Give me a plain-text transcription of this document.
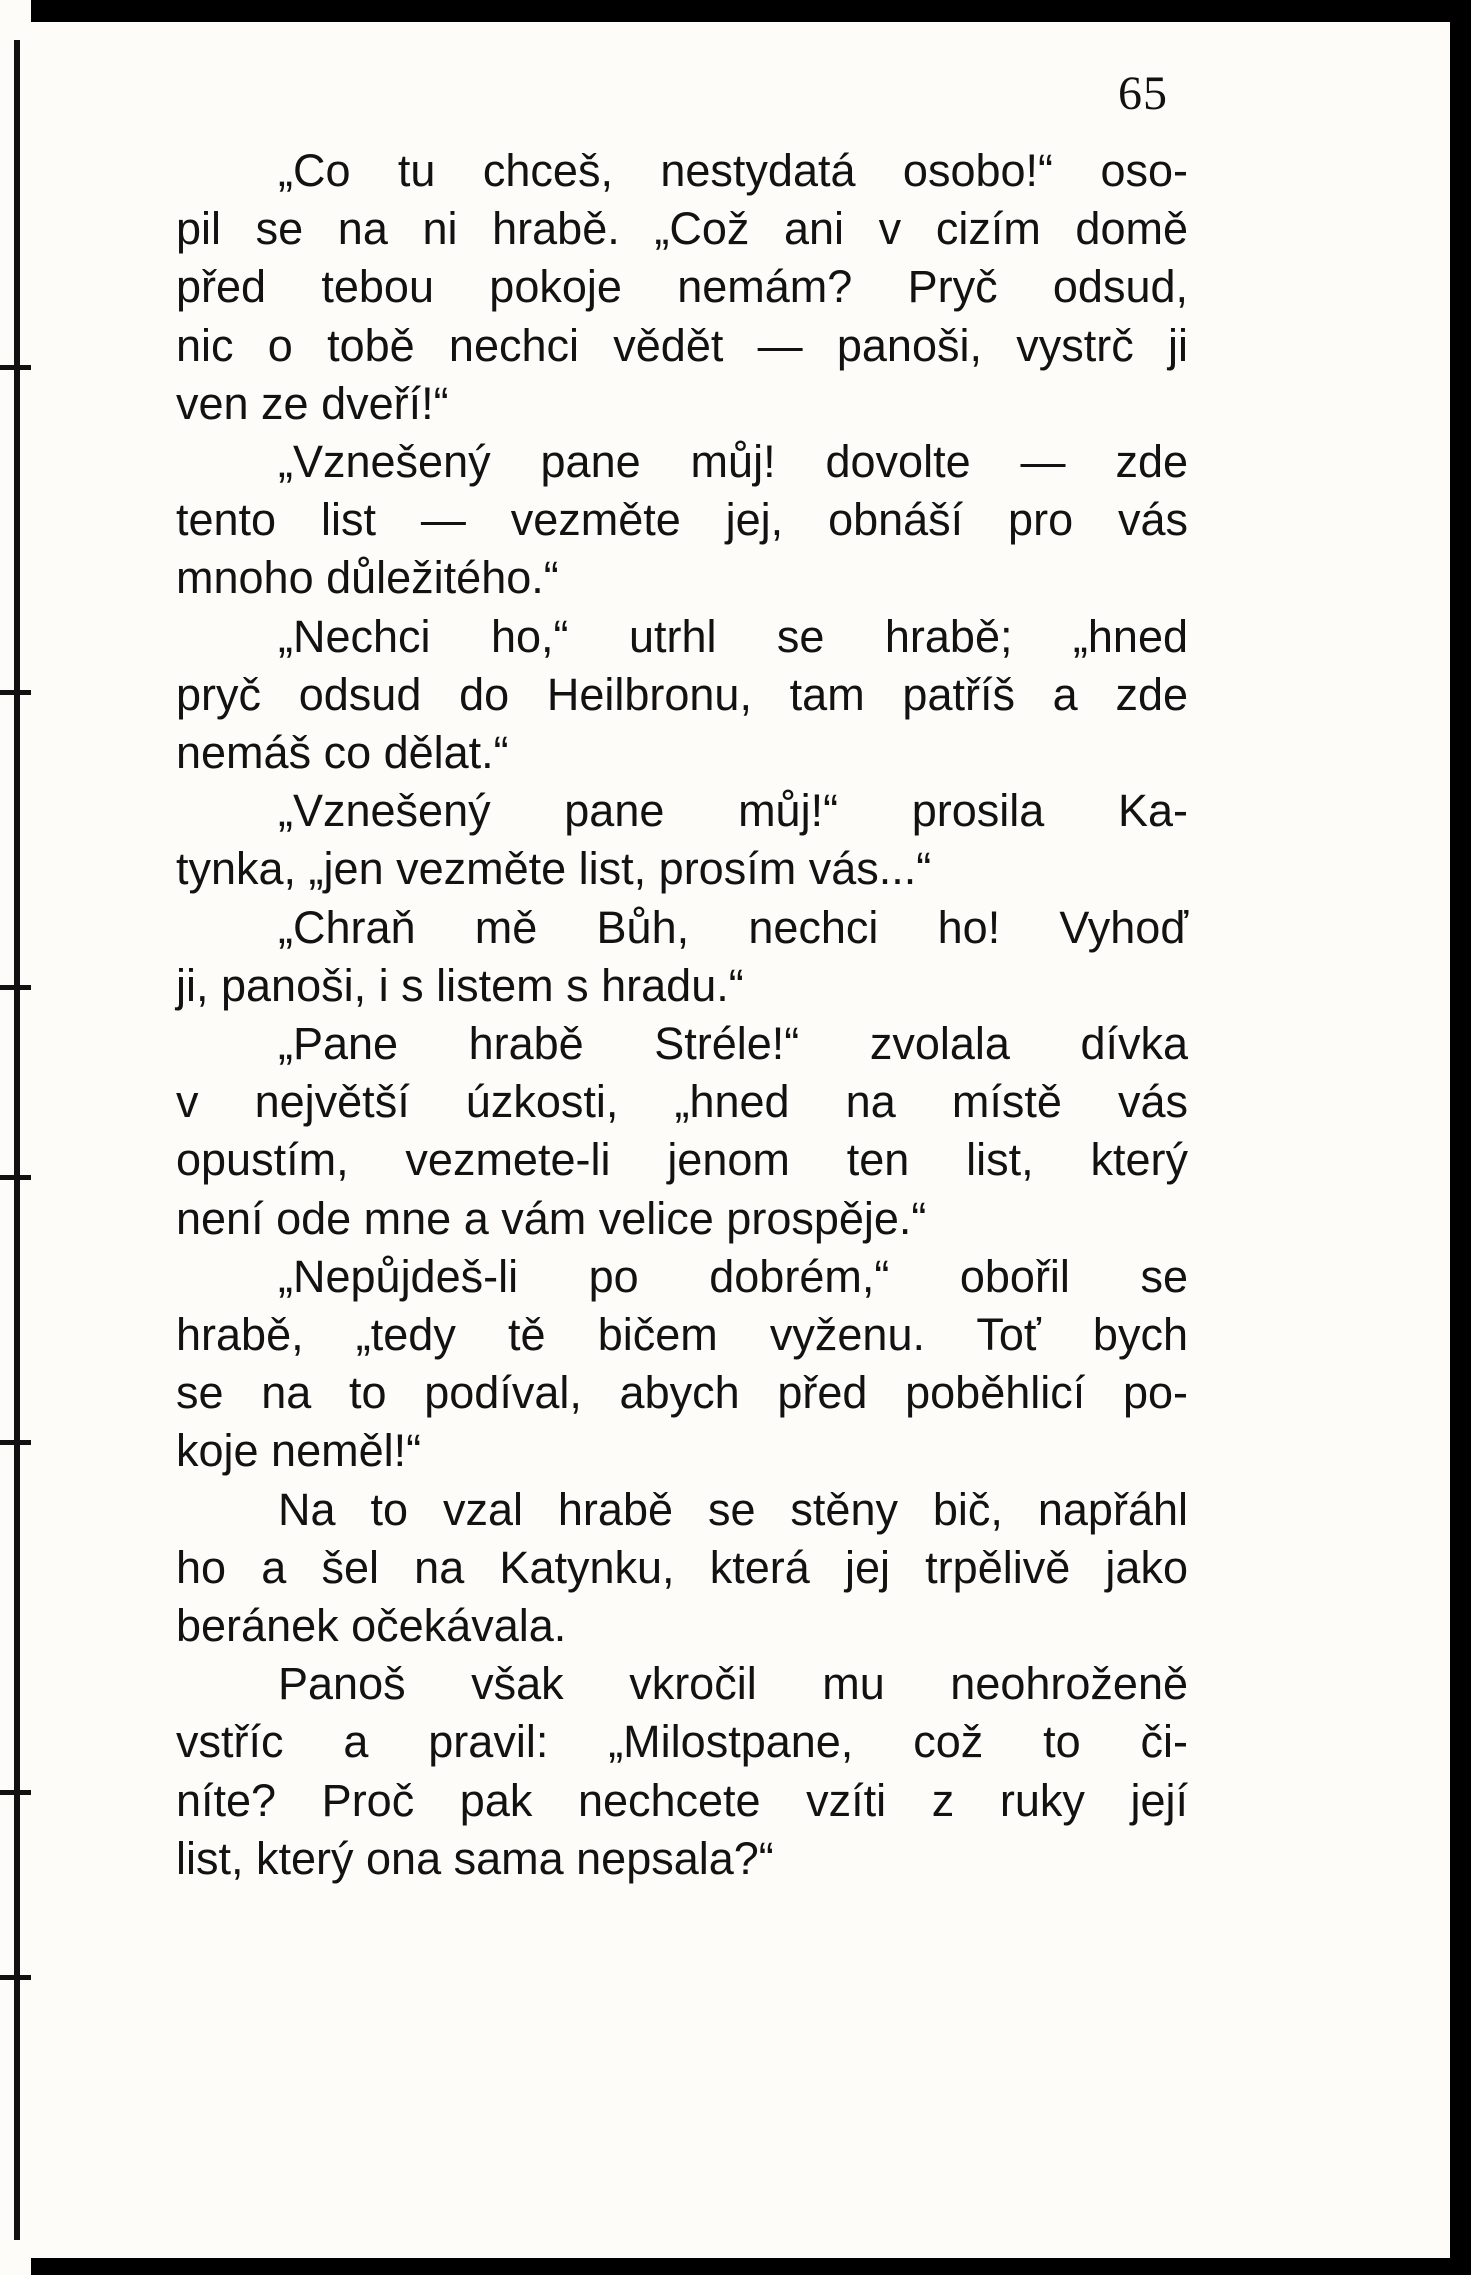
65
„Co tu chceš, nestydatá osobo!“ oso-
pil se na ni hrabě. „Což ani v cizím domě
před tebou pokoje nemám? Pryč odsud,
nic o tobě nechci vědět — panoši, vystrč ji
ven ze dveří!“
„Vznešený pane můj! dovolte — zde
tento list — vezměte jej, obnáší pro vás
mnoho důležitého.“
„Nechci ho,“ utrhl se hrabě; „hned
pryč odsud do Heilbronu, tam patříš a zde
nemáš co dělat.“
„Vznešený pane můj!“ prosila Ka-
tynka, „jen vezměte list, prosím vás...“
„Chraň mě Bůh, nechci ho! Vyhoď
ji, panoši, i s listem s hradu.“
„Pane hrabě Stréle!“ zvolala dívka
v největší úzkosti, „hned na místě vás
opustím, vezmete-li jenom ten list, který
není ode mne a vám velice prospěje.“
„Nepůjdeš-li po dobrém,“ obořil se
hrabě, „tedy tě bičem vyženu. Toť bych
se na to podíval, abych před poběhlicí po-
koje neměl!“
Na to vzal hrabě se stěny bič, napřáhl
ho a šel na Katynku, která jej trpělivě jako
beránek očekávala.
Panoš však vkročil mu neohroženě
vstříc a pravil: „Milostpane, což to či-
níte? Proč pak nechcete vzíti z ruky její
list, který ona sama nepsala?“
